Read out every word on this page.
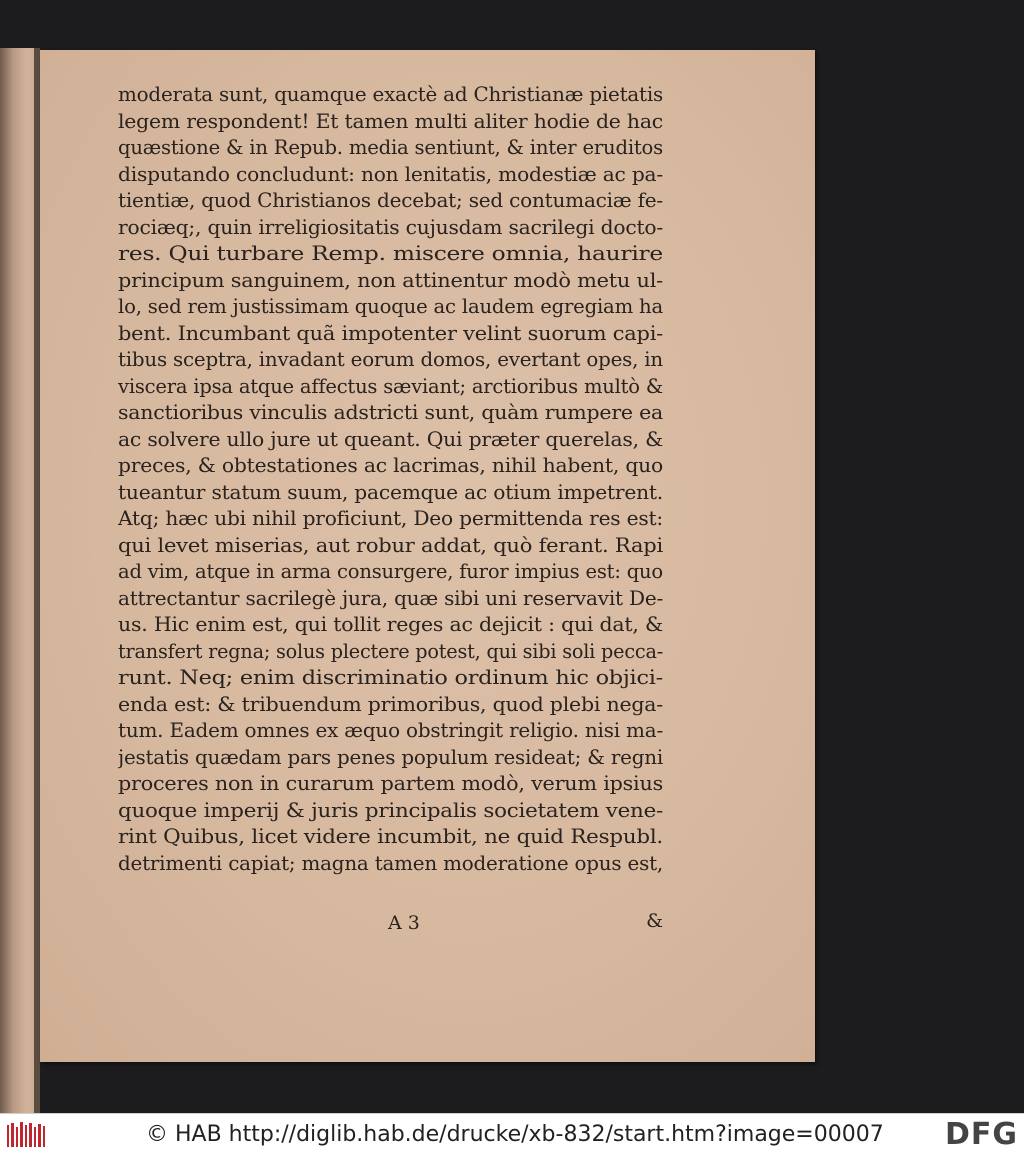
moderata sunt, quamque exactè ad Christianæ pietatis
legem respondent! Et tamen multi aliter hodie de hac
quæstione & in Repub. media sentiunt, & inter eruditos
disputando concludunt: non lenitatis, modestiæ ac pa-
tientiæ, quod Christianos decebat; sed contumaciæ fe-
rociæq;, quin irreligiositatis cujusdam sacrilegi docto-
res. Qui turbare Remp. miscere omnia, haurire
principum sanguinem, non attinentur modò metu ul-
lo, sed rem justissimam quoque ac laudem egregiam ha
bent. Incumbant quã impotenter velint suorum capi-
tibus sceptra, invadant eorum domos, evertant opes, in
viscera ipsa atque affectus sæviant; arctioribus multò &
sanctioribus vinculis adstricti sunt, quàm rumpere ea
ac solvere ullo jure ut queant. Qui præter querelas, &
preces, & obtestationes ac lacrimas, nihil habent, quo
tueantur statum suum, pacemque ac otium impetrent.
Atq; hæc ubi nihil proficiunt, Deo permittenda res est:
qui levet miserias, aut robur addat, quò ferant. Rapi
ad vim, atque in arma consurgere, furor impius est: quo
attrectantur sacrilegè jura, quæ sibi uni reservavit De-
us. Hic enim est, qui tollit reges ac dejicit : qui dat, &
transfert regna; solus plectere potest, qui sibi soli pecca-
runt. Neq; enim discriminatio ordinum hic objici-
enda est: & tribuendum primoribus, quod plebi nega-
tum. Eadem omnes ex æquo obstringit religio. nisi ma-
jestatis quædam pars penes populum resideat; & regni
proceres non in curarum partem modò, verum ipsius
quoque imperij & juris principalis societatem vene-
rint Quibus, licet videre incumbit, ne quid Respubl.
detrimenti capiat; magna tamen moderatione opus est,
A 3	&
© HAB http://diglib.hab.de/drucke/xb-832/start.htm?image=00007 DFG
